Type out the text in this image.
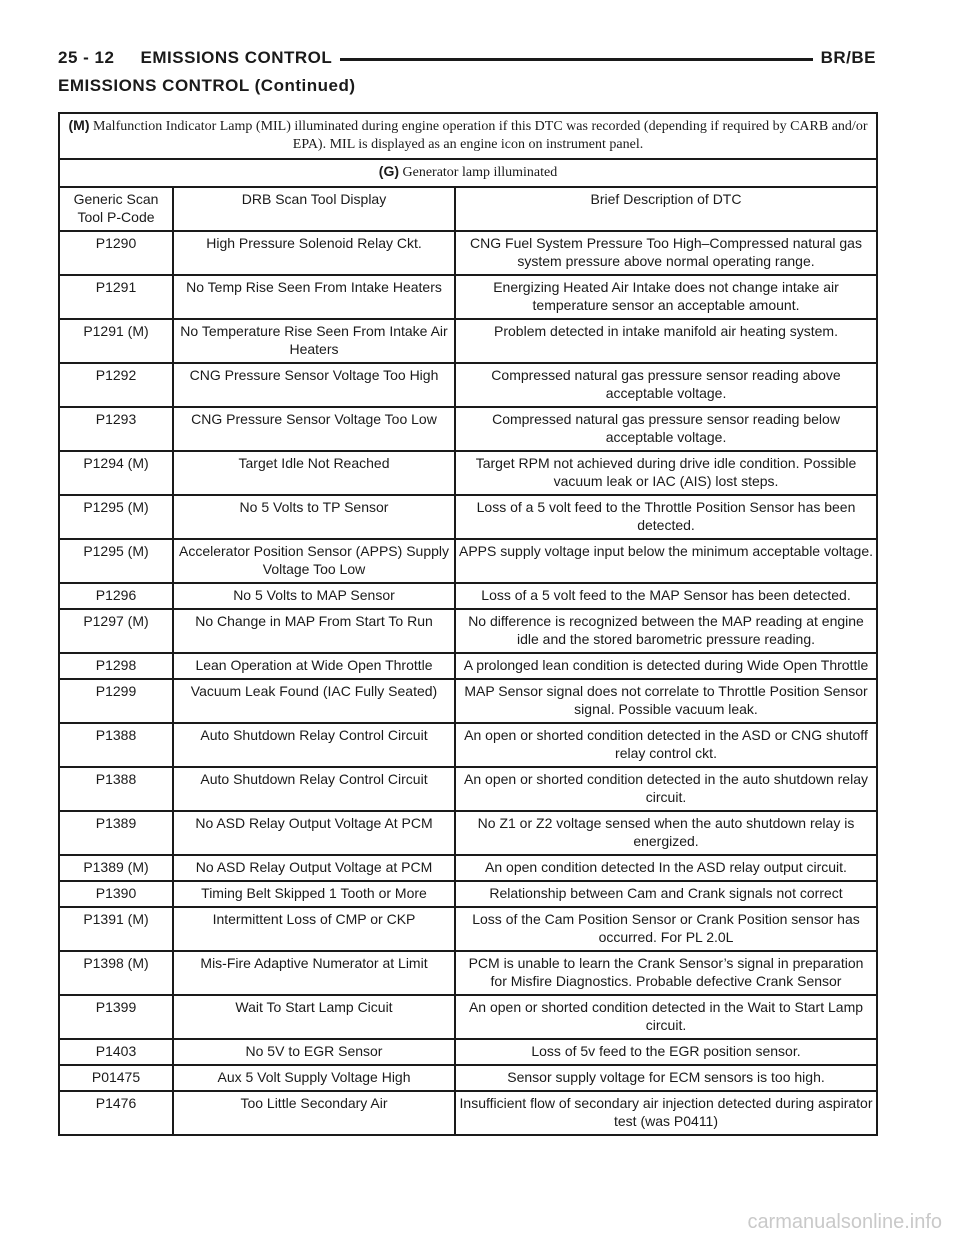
25 - 12     EMISSIONS CONTROL	BR/BE
EMISSIONS CONTROL (Continued)
(M) Malfunction Indicator Lamp (MIL) illuminated during engine operation if this DTC was recorded (depending if required by CARB and/or EPA). MIL is displayed as an engine icon on instrument panel.		
(G) Generator lamp illuminated		
Generic Scan Tool P-Code	DRB Scan Tool Display	Brief Description of DTC
P1290	High Pressure Solenoid Relay Ckt.	CNG Fuel System Pressure Too High–Compressed natural gas system pressure above normal operating range.
P1291	No Temp Rise Seen From Intake Heaters	Energizing Heated Air Intake does not change intake air temperature sensor an acceptable amount.
P1291 (M)	No Temperature Rise Seen From Intake Air Heaters	Problem detected in intake manifold air heating system.
P1292	CNG Pressure Sensor Voltage Too High	Compressed natural gas pressure sensor reading above acceptable voltage.
P1293	CNG Pressure Sensor Voltage Too Low	Compressed natural gas pressure sensor reading below acceptable voltage.
P1294 (M)	Target Idle Not Reached	Target RPM not achieved during drive idle condition. Possible vacuum leak or IAC (AIS) lost steps.
P1295 (M)	No 5 Volts to TP Sensor	Loss of a 5 volt feed to the Throttle Position Sensor has been detected.
P1295 (M)	Accelerator Position Sensor (APPS) Supply Voltage Too Low	APPS supply voltage input below the minimum acceptable voltage.
P1296	No 5 Volts to MAP Sensor	Loss of a 5 volt feed to the MAP Sensor has been detected.
P1297 (M)	No Change in MAP From Start To Run	No difference is recognized between the MAP reading at engine idle and the stored barometric pressure reading.
P1298	Lean Operation at Wide Open Throttle	A prolonged lean condition is detected during Wide Open Throttle
P1299	Vacuum Leak Found (IAC Fully Seated)	MAP Sensor signal does not correlate to Throttle Position Sensor signal. Possible vacuum leak.
P1388	Auto Shutdown Relay Control Circuit	An open or shorted condition detected in the ASD or CNG shutoff relay control ckt.
P1388	Auto Shutdown Relay Control Circuit	An open or shorted condition detected in the auto shutdown relay circuit.
P1389	No ASD Relay Output Voltage At PCM	No Z1 or Z2 voltage sensed when the auto shutdown relay is energized.
P1389 (M)	No ASD Relay Output Voltage at PCM	An open condition detected In the ASD relay output circuit.
P1390	Timing Belt Skipped 1 Tooth or More	Relationship between Cam and Crank signals not correct
P1391 (M)	Intermittent Loss of CMP or CKP	Loss of the Cam Position Sensor or Crank Position sensor has occurred. For PL 2.0L
P1398 (M)	Mis-Fire Adaptive Numerator at Limit	PCM is unable to learn the Crank Sensor’s signal in preparation for Misfire Diagnostics. Probable defective Crank Sensor
P1399	Wait To Start Lamp Cicuit	An open or shorted condition detected in the Wait to Start Lamp circuit.
P1403	No 5V to EGR Sensor	Loss of 5v feed to the EGR position sensor.
P01475	Aux 5 Volt Supply Voltage High	Sensor supply voltage for ECM sensors is too high.
P1476	Too Little Secondary Air	Insufficient flow of secondary air injection detected during aspirator test (was P0411)
carmanualsonline.info
